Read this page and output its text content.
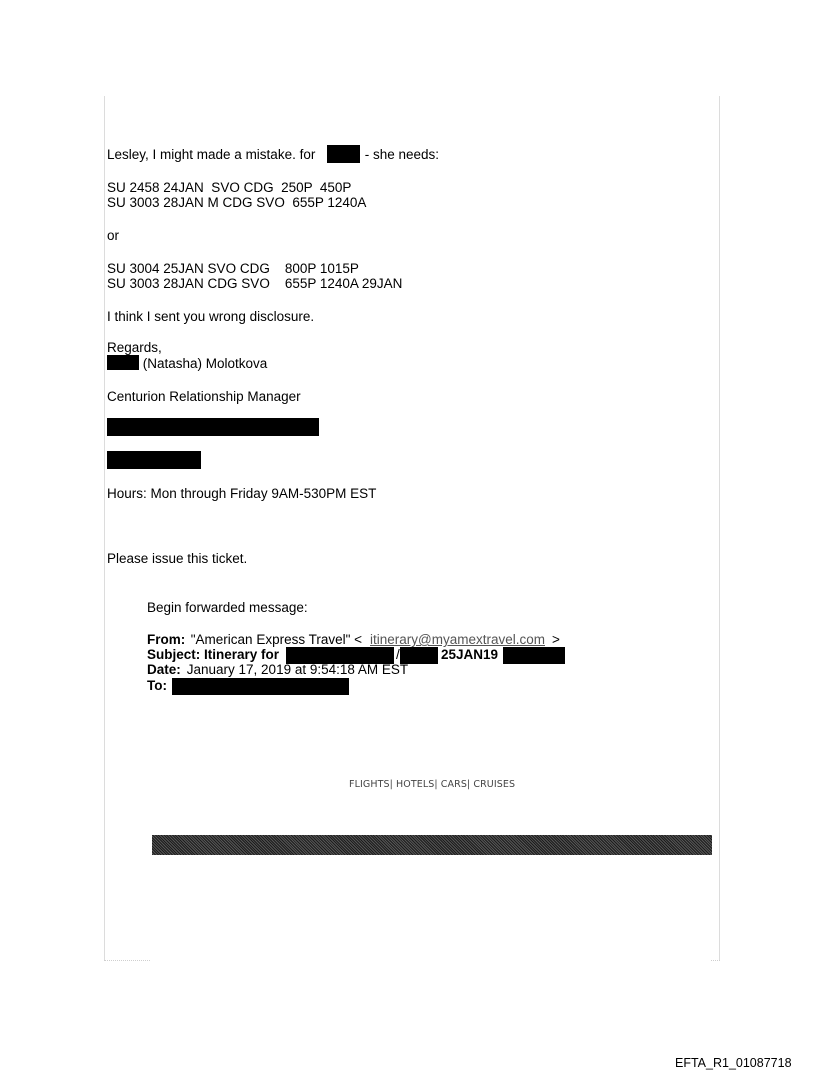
Lesley, I might made a mistake. for	- she needs:
SU 2458 24JAN  SVO CDG  250P  450P
SU 3003 28JAN M CDG SVO  655P 1240A
or
SU 3004 25JAN SVO CDG    800P 1015P
SU 3003 28JAN CDG SVO    655P 1240A 29JAN
I think I sent you wrong disclosure.
Regards,
(Natasha) Molotkova
Centurion Relationship Manager
Hours: Mon through Friday 9AM-530PM EST
Please issue this ticket.
Begin forwarded message:
From: "American Express Travel" < itinerary@myamextravel.com >
Subject: Itinerary for	/	25JAN19
Date: January 17, 2019 at 9:54:18 AM EST
To:
FLIGHTS| HOTELS| CARS| CRUISES
EFTA_R1_01087718
